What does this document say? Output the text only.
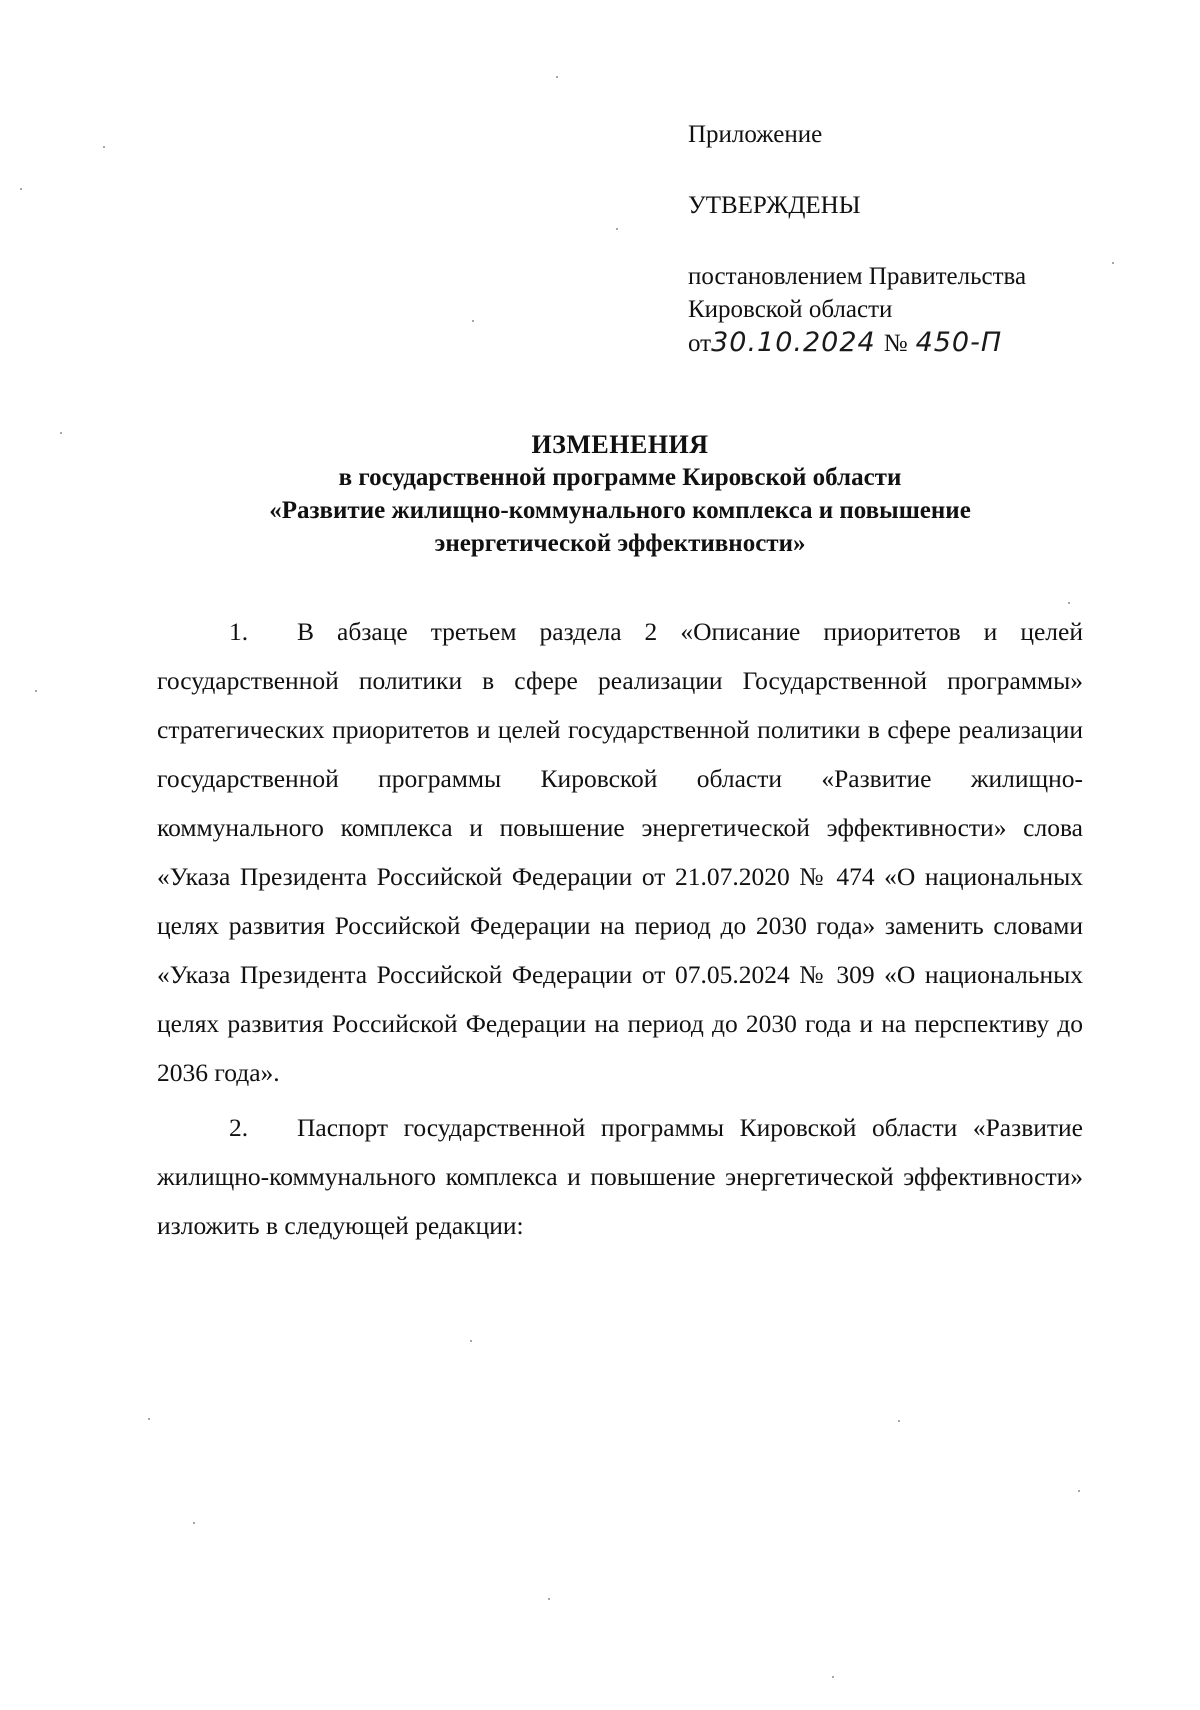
Приложение
УТВЕРЖДЕНЫ
постановлением Правительства
Кировской области
от30.10.2024 № 450-П
ИЗМЕНЕНИЯ
в государственной программе Кировской области
«Развитие жилищно-коммунального комплекса и повышение
энергетической эффективности»

1. В абзаце третьем раздела 2 «Описание приоритетов и целей государственной политики в сфере реализации Государственной программы» стратегических приоритетов и целей государственной политики в сфере реализации государственной программы Кировской области «Развитие жилищно-коммунального комплекса и повышение энергетической эффективности» слова «Указа Президента Российской Федерации от 21.07.2020 № 474 «О национальных целях развития Российской Федерации на период до 2030 года» заменить словами «Указа Президента Российской Федерации от 07.05.2024 № 309 «О национальных целях развития Российской Федерации на период до 2030 года и на перспективу до 2036 года».

2. Паспорт государственной программы Кировской области «Развитие жилищно-коммунального комплекса и повышение энергетической эффективности» изложить в следующей редакции:
